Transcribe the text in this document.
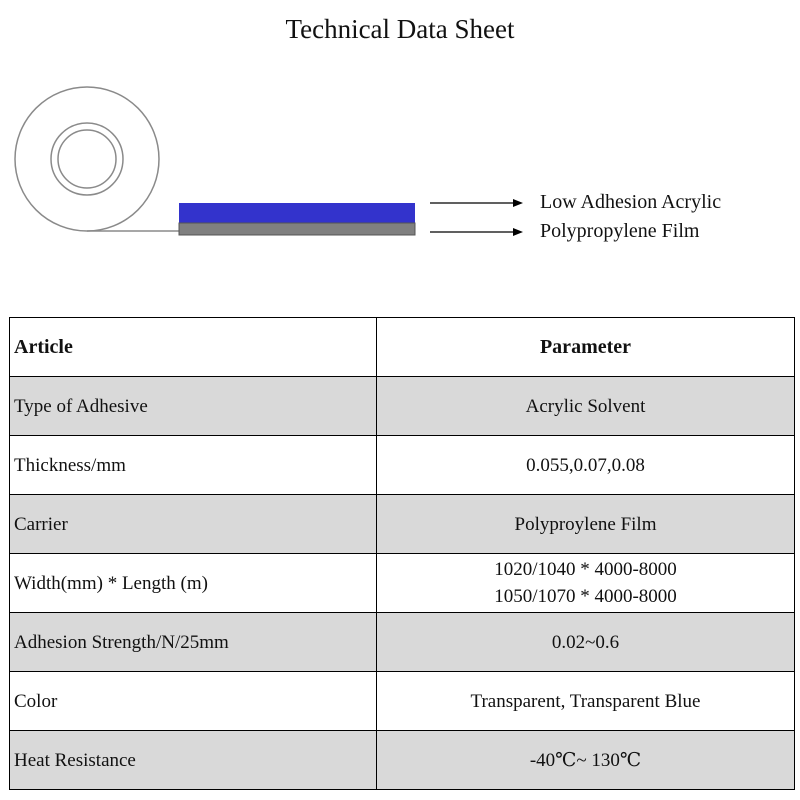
Technical Data Sheet
Low Adhesion Acrylic
Polypropylene Film
Article	Parameter
Type of Adhesive	Acrylic Solvent

Thickness/mm	0.055,0.07,0.08

Carrier	Polyproylene Film

Width(mm) * Length (m)	1020/1040 * 4000-8000
1050/1070 * 4000-8000

Adhesion Strength/N/25mm	0.02~0.6

Color	Transparent, Transparent Blue

Heat Resistance	-40℃~ 130℃
